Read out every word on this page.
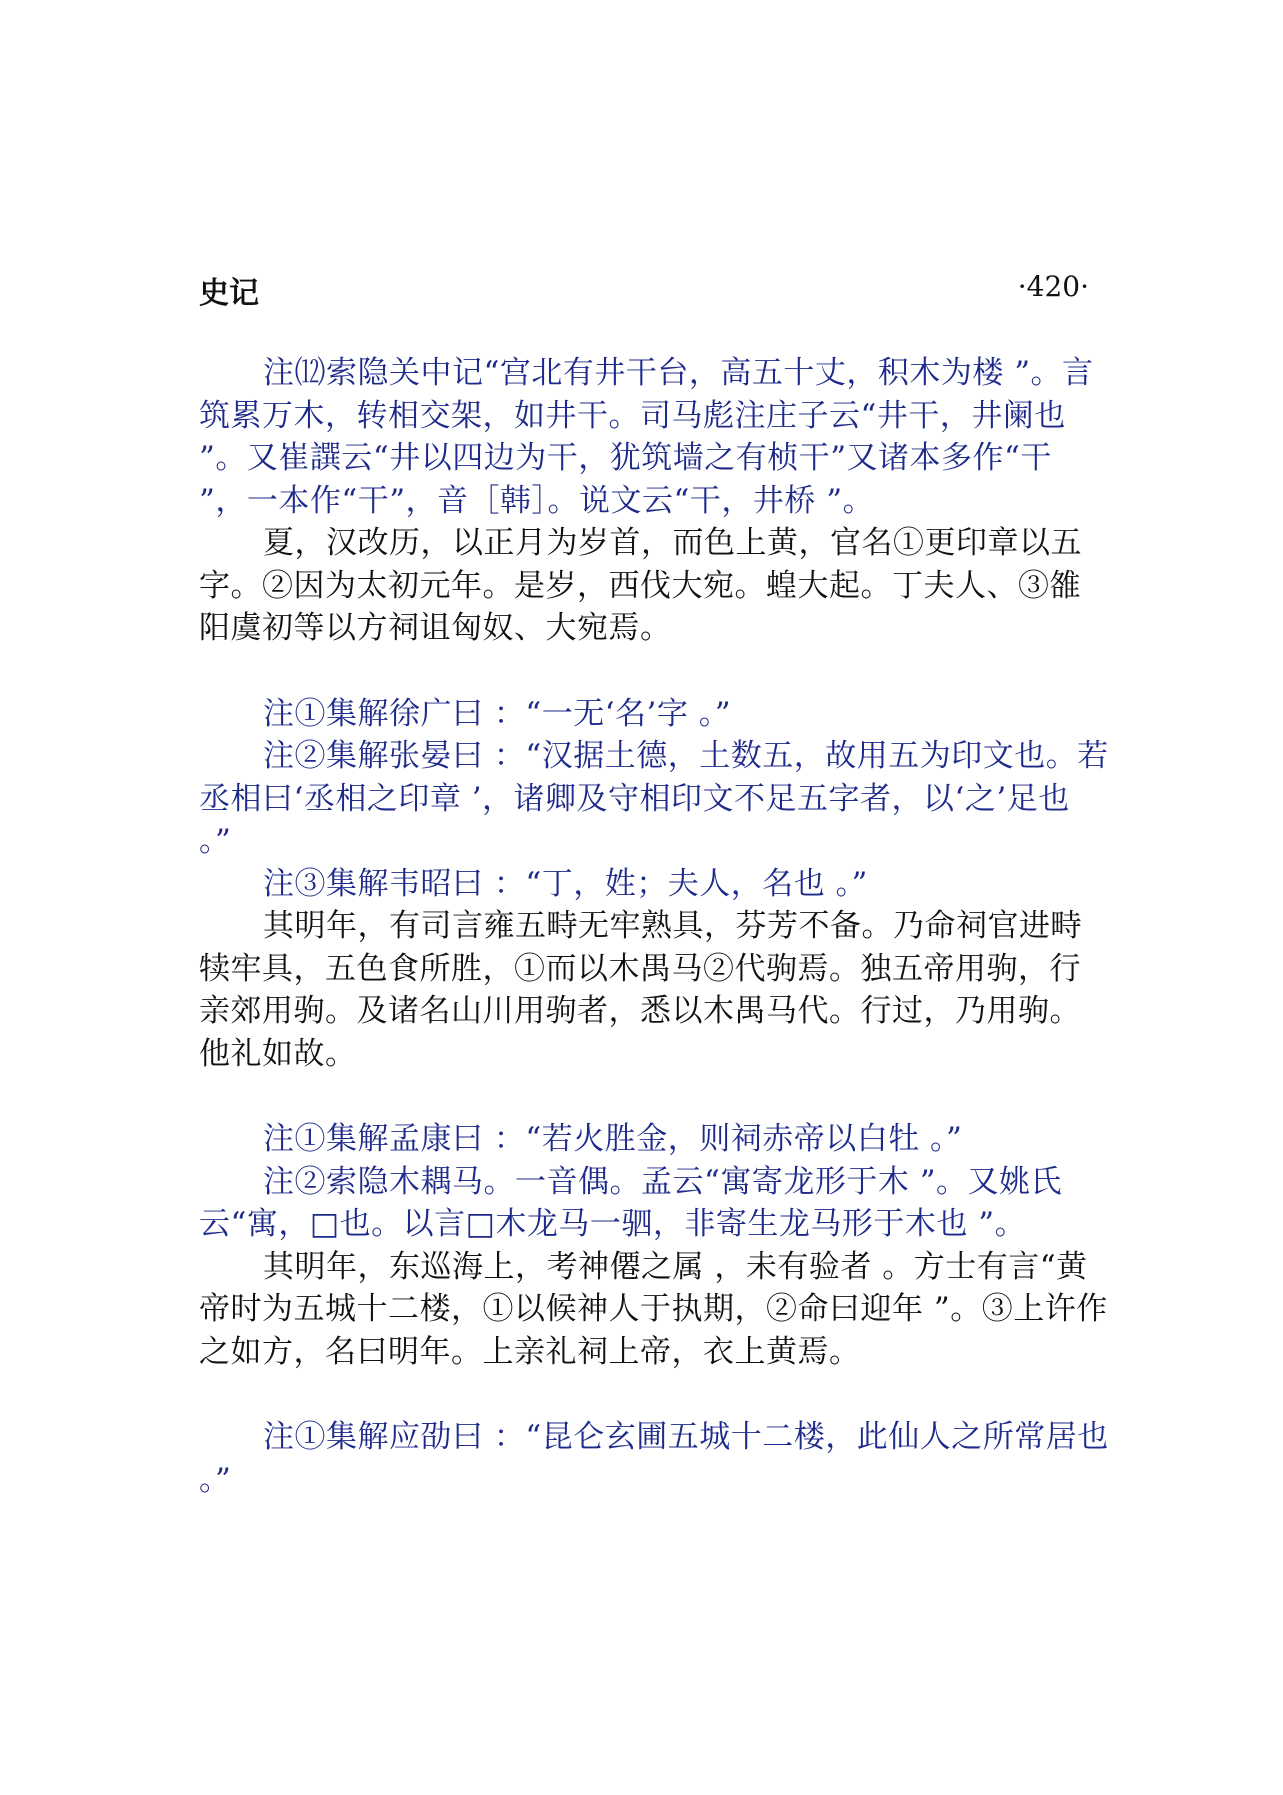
史记	·420·

注⑿索隐关中记“宫北有井干台，高五十丈，积木为楼 ”。言筑累万木，转相交架，如井干。司马彪注庄子云“井干，井阑也 ”。又崔譔云“井以四边为干，犹筑墙之有桢干”又诸本多作“干 ”，一本作“干”，音［韩］。说文云“干，井桥 ”。

夏，汉改历，以正月为岁首，而色上黄，官名①更印章以五字。②因为太初元年。是岁，西伐大宛。蝗大起。丁夫人、③雒阳虞初等以方祠诅匈奴、大宛焉。

注①集解徐广曰 ：“一无‘名’字 。”

注②集解张晏曰 ：“汉据土德，土数五，故用五为印文也。若丞相曰‘丞相之印章 ’，诸卿及守相印文不足五字者，以‘之’足也 。”

注③集解韦昭曰 ：“丁，姓；夫人，名也 。”

其明年，有司言雍五畤无牢熟具，芬芳不备。乃命祠官进畤犊牢具，五色食所胜，①而以木禺马②代驹焉。独五帝用驹，行亲郊用驹。及诸名山川用驹者，悉以木禺马代。行过，乃用驹。他礼如故。

注①集解孟康曰 ：“若火胜金，则祠赤帝以白牡 。”

注②索隐木耦马。一音偶。孟云“寓寄龙形于木 ”。又姚氏云“寓，□也。以言□木龙马一驷，非寄生龙马形于木也 ”。

其明年，东巡海上，考神僊之属 ，未有验者 。方士有言“黄帝时为五城十二楼，①以候神人于执期，②命曰迎年 ”。③上许作之如方，名曰明年。上亲礼祠上帝，衣上黄焉。

注①集解应劭曰 ：“昆仑玄圃五城十二楼，此仙人之所常居也 。”
